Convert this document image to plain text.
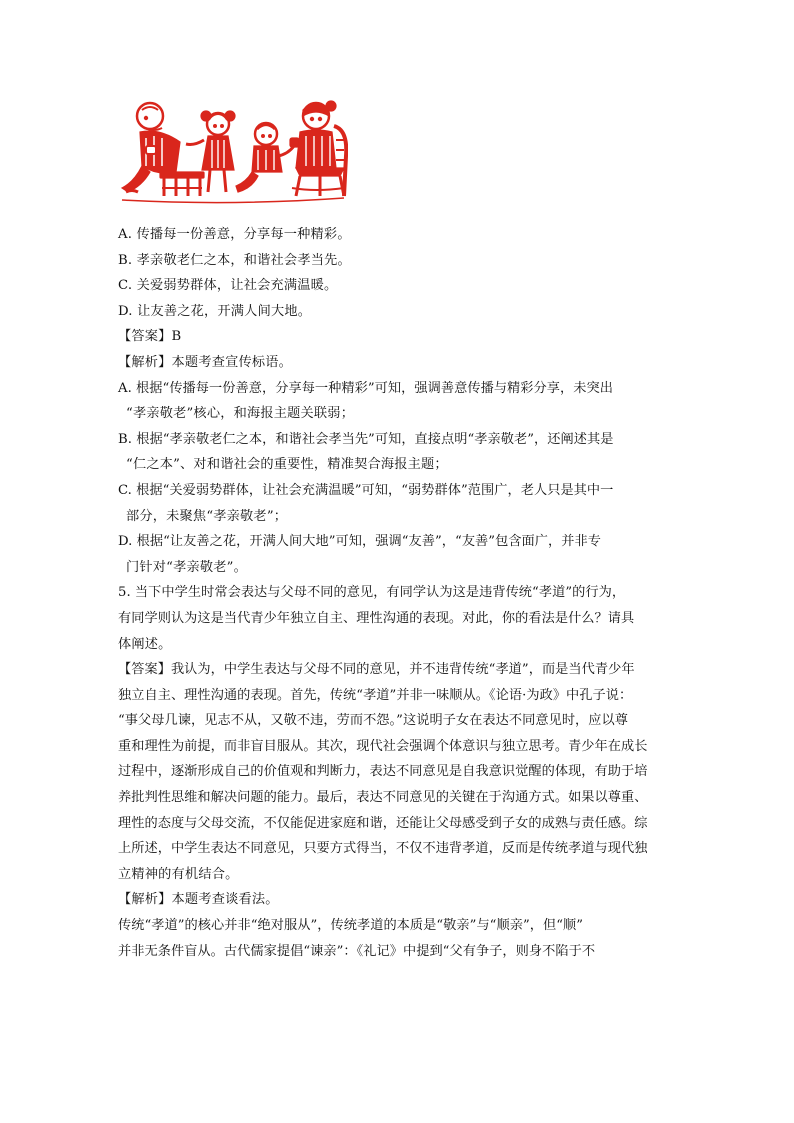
A. 传播每一份善意，分享每一种精彩。
B. 孝亲敬老仁之本，和谐社会孝当先。
C. 关爱弱势群体，让社会充满温暖。
D. 让友善之花，开满人间大地。
【答案】B
【解析】本题考查宣传标语。
A. 根据“传播每一份善意，分享每一种精彩”可知，强调善意传播与精彩分享，未突出
“孝亲敬老”核心，和海报主题关联弱；
B. 根据“孝亲敬老仁之本，和谐社会孝当先”可知，直接点明“孝亲敬老”，还阐述其是
“仁之本”、对和谐社会的重要性，精准契合海报主题；
C. 根据“关爱弱势群体，让社会充满温暖”可知，“弱势群体”范围广，老人只是其中一
部分，未聚焦“孝亲敬老”；
D. 根据“让友善之花，开满人间大地”可知，强调“友善”，“友善”包含面广，并非专
门针对“孝亲敬老”。
5. 当下中学生时常会表达与父母不同的意见，有同学认为这是违背传统“孝道”的行为，
有同学则认为这是当代青少年独立自主、理性沟通的表现。对此，你的看法是什么？请具
体阐述。
【答案】我认为，中学生表达与父母不同的意见，并不违背传统“孝道”，而是当代青少年
独立自主、理性沟通的表现。首先，传统“孝道”并非一味顺从。《论语·为政》中孔子说：
“事父母几谏，见志不从，又敬不违，劳而不怨。”这说明子女在表达不同意见时，应以尊
重和理性为前提，而非盲目服从。其次，现代社会强调个体意识与独立思考。青少年在成长
过程中，逐渐形成自己的价值观和判断力，表达不同意见是自我意识觉醒的体现，有助于培
养批判性思维和解决问题的能力。最后，表达不同意见的关键在于沟通方式。如果以尊重、
理性的态度与父母交流，不仅能促进家庭和谐，还能让父母感受到子女的成熟与责任感。综
上所述，中学生表达不同意见，只要方式得当，不仅不违背孝道，反而是传统孝道与现代独
立精神的有机结合。
【解析】本题考查谈看法。
传统“孝道”的核心并非“绝对服从”，传统孝道的本质是“敬亲”与“顺亲”，但“顺”
并非无条件盲从。古代儒家提倡“谏亲”：《礼记》中提到“父有争子，则身不陷于不
